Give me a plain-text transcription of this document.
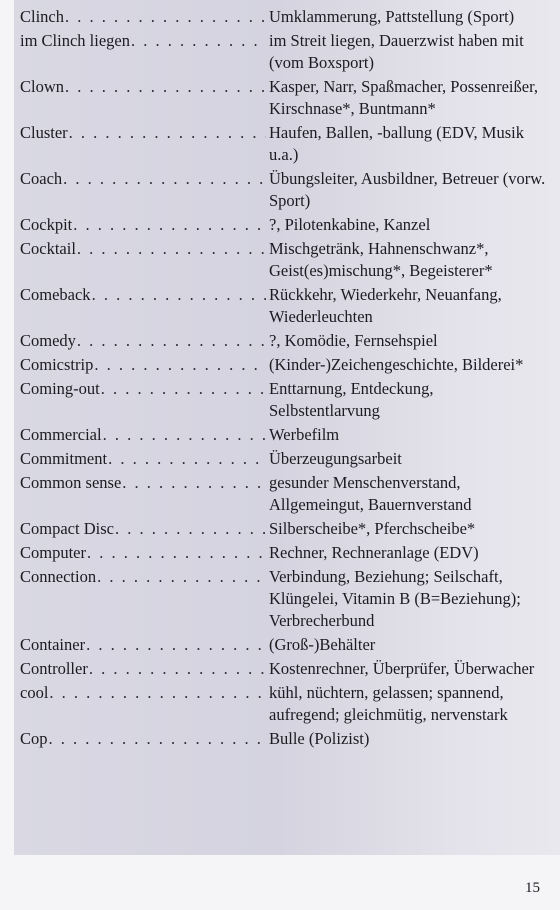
Clinch . . .	Umklammerung, Pattstellung (Sport)
im Clinch liegen . . .	im Streit liegen, Dauerzwist haben mit (vom Boxsport)
Clown . . .	Kasper, Narr, Spaßmacher, Possenreißer, Kirschnase*, Buntmann*
Cluster . . .	Haufen, Ballen, -ballung (EDV, Musik u.a.)
Coach . . .	Übungsleiter, Ausbildner, Betreuer (vorw. Sport)
Cockpit . . .	?, Pilotenkabine, Kanzel
Cocktail . . .	Mischgetränk, Hahnenschwanz*, Geist(es)mischung*, Begeisterer*
Comeback . . .	Rückkehr, Wiederkehr, Neuanfang, Wiederleuchten
Comedy . . .	?, Komödie, Fernsehspiel
Comicstrip . . .	(Kinder-)Zeichengeschichte, Bilderei*
Coming-out . . .	Enttarnung, Entdeckung, Selbstentlarvung
Commercial . . .	Werbefilm
Commitment . . .	Überzeugungsarbeit
Common sense . . .	gesunder Menschenverstand, Allgemeingut, Bauernverstand
Compact Disc . . .	Silberscheibe*, Pferchscheibe*
Computer . . .	Rechner, Rechneranlage (EDV)
Connection . . .	Verbindung, Beziehung; Seilschaft, Klüngelei, Vitamin B (B=Beziehung); Verbrecherbund
Container . . .	(Groß-)Behälter
Controller . . .	Kostenrechner, Überprüfer, Überwacher
cool . . .	kühl, nüchtern, gelassen; spannend, aufregend; gleichmütig, nervenstark
Cop . . .	Bulle (Polizist)
15
